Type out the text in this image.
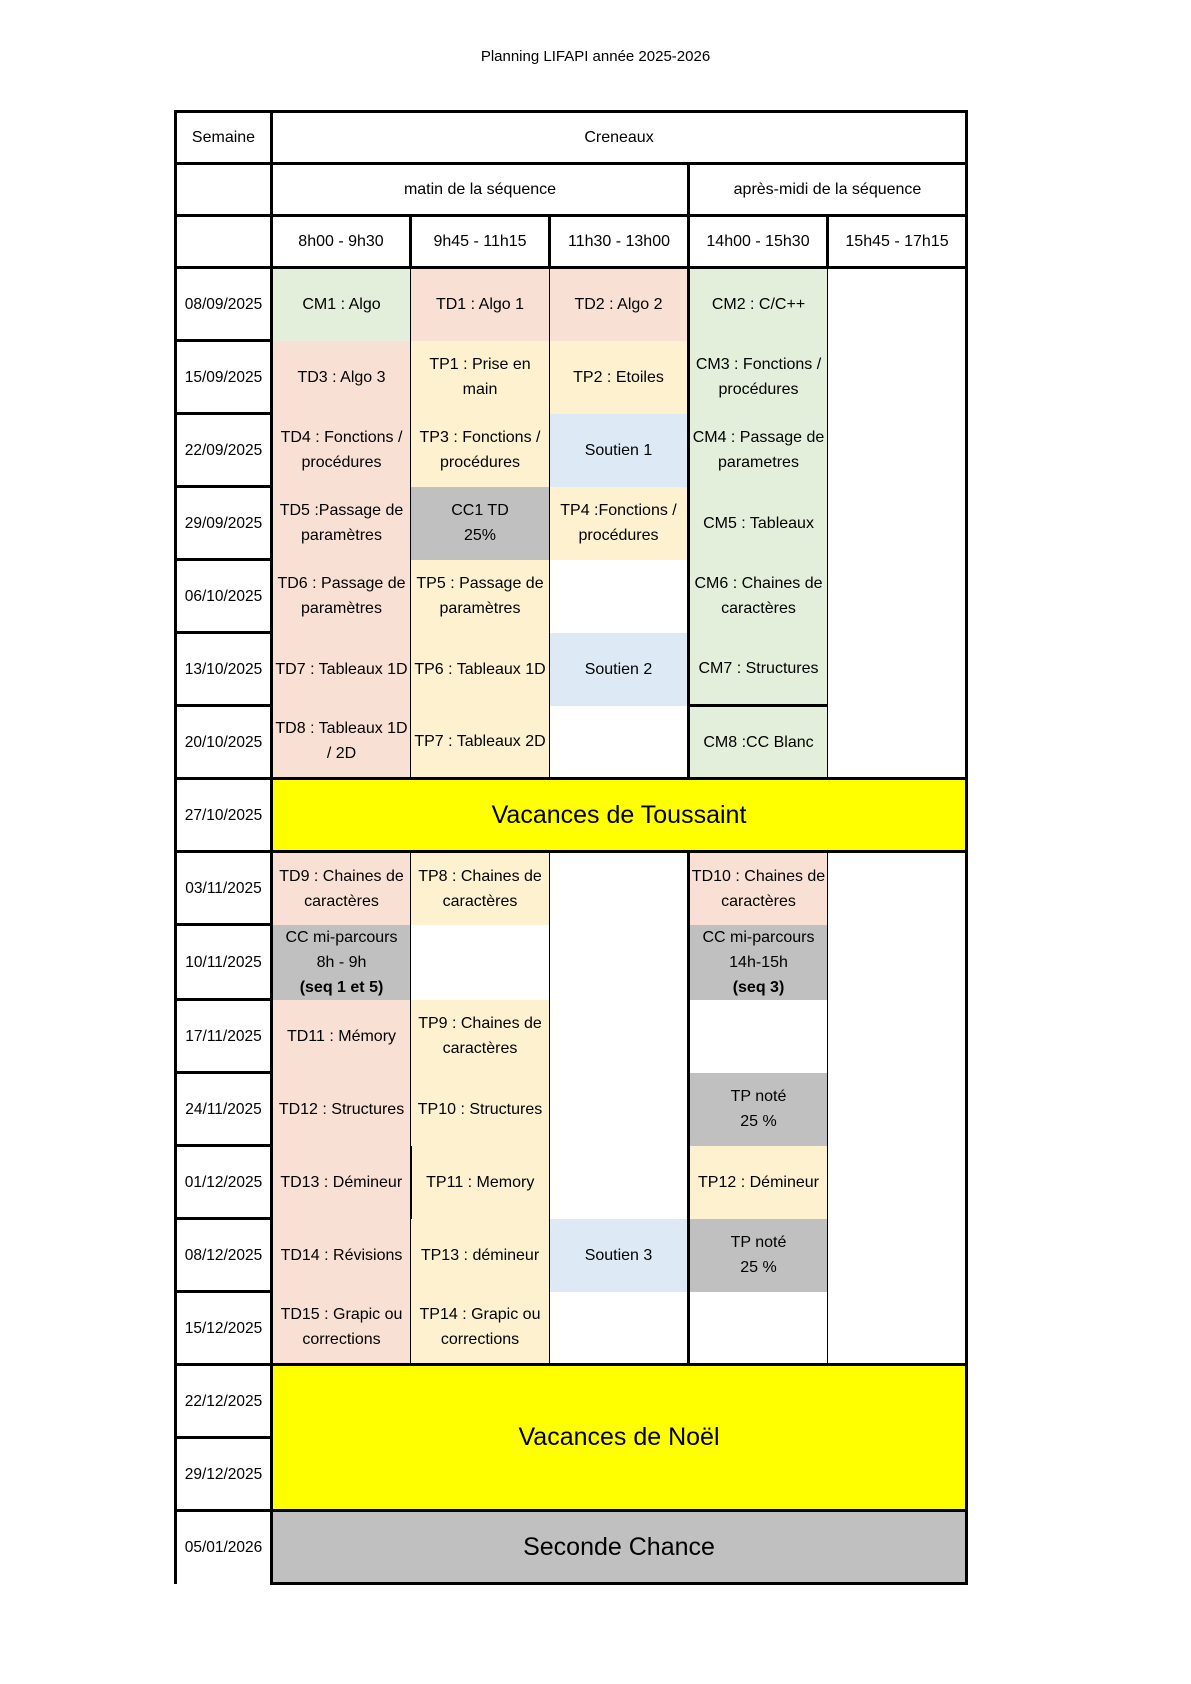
Planning LIFAPI année 2025-2026
Semaine	Creneaux				
	matin de la séquence			après-midi de la séquence	
	8h00 - 9h30	9h45 - 11h15	11h30 - 13h00	14h00 - 15h30	15h45 - 17h15
08/09/2025	CM1 : Algo	TD1 : Algo 1	TD2 : Algo 2	CM2 : C/C++	
15/09/2025	TD3 : Algo 3	TP1 : Prise en main	TP2 : Etoiles	CM3 : Fonctions /
procédures	

22/09/2025	TD4 : Fonctions /
procédures	TP3 : Fonctions /
procédures	Soutien 1	CM4 : Passage de
parametres	

29/09/2025	TD5 :Passage de
paramètres	CC1 TD
25%	TP4 :Fonctions /
procédures	CM5 : Tableaux	
06/10/2025	TD6 : Passage de
paramètres	TP5 : Passage de
paramètres		CM6 : Chaines de
caractères	

13/10/2025	TD7 : Tableaux 1D	TP6 : Tableaux 1D	Soutien 2	CM7 : Structures	
20/10/2025	TD8 : Tableaux 1D
/ 2D	TP7 : Tableaux 2D		CM8 :CC Blanc	
27/10/2025	Vacances de Toussaint				
03/11/2025	TD9 : Chaines de
caractères	TP8 : Chaines de
caractères		TD10 : Chaines de
caractères	

10/11/2025	CC mi-parcours
8h - 9h
(seq 1 et 5)			CC mi-parcours
14h-15h
(seq 3)	

17/11/2025	TD11 : Mémory	TP9 : Chaines de
caractères			

24/11/2025	TD12 : Structures	TP10 : Structures		TP noté
25 %	

01/12/2025	TD13 : Démineur	TP11 : Memory		TP12 : Démineur	
08/12/2025	TD14 : Révisions	TP13 : démineur	Soutien 3	TP noté
25 %	

15/12/2025	TD15 : Grapic ou
corrections	TP14 : Grapic ou
corrections			

22/12/2025	Vacances de Noël				
29/12/2025					
05/01/2026	Seconde Chance				
